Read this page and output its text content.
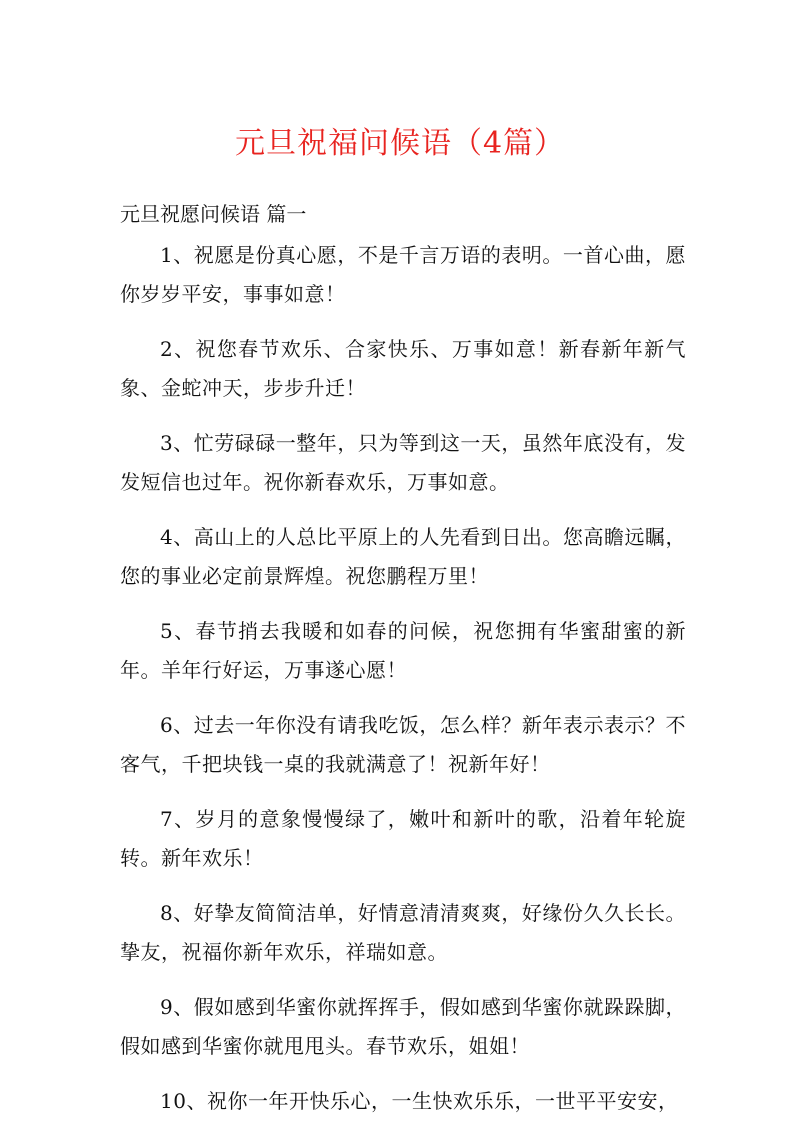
元旦祝福问候语（4篇）
元旦祝愿问候语 篇一

1、祝愿是份真心愿，不是千言万语的表明。一首心曲，愿你岁岁平安，事事如意！

2、祝您春节欢乐、合家快乐、万事如意！新春新年新气象、金蛇冲天，步步升迁！

3、忙劳碌碌一整年，只为等到这一天，虽然年底没有，发发短信也过年。祝你新春欢乐，万事如意。

4、高山上的人总比平原上的人先看到日出。您高瞻远瞩，您的事业必定前景辉煌。祝您鹏程万里！

5、春节捎去我暖和如春的问候，祝您拥有华蜜甜蜜的新年。羊年行好运，万事遂心愿！

6、过去一年你没有请我吃饭，怎么样？新年表示表示？不客气，千把块钱一桌的我就满意了！祝新年好！

7、岁月的意象慢慢绿了，嫩叶和新叶的歌，沿着年轮旋转。新年欢乐！

8、好挚友简简洁单，好情意清清爽爽，好缘份久久长长。挚友，祝福你新年欢乐，祥瑞如意。

9、假如感到华蜜你就挥挥手，假如感到华蜜你就跺跺脚，假如感到华蜜你就甩甩头。春节欢乐，姐姐！

10、祝你一年开快乐心，一生快欢乐乐，一世平平安安，
